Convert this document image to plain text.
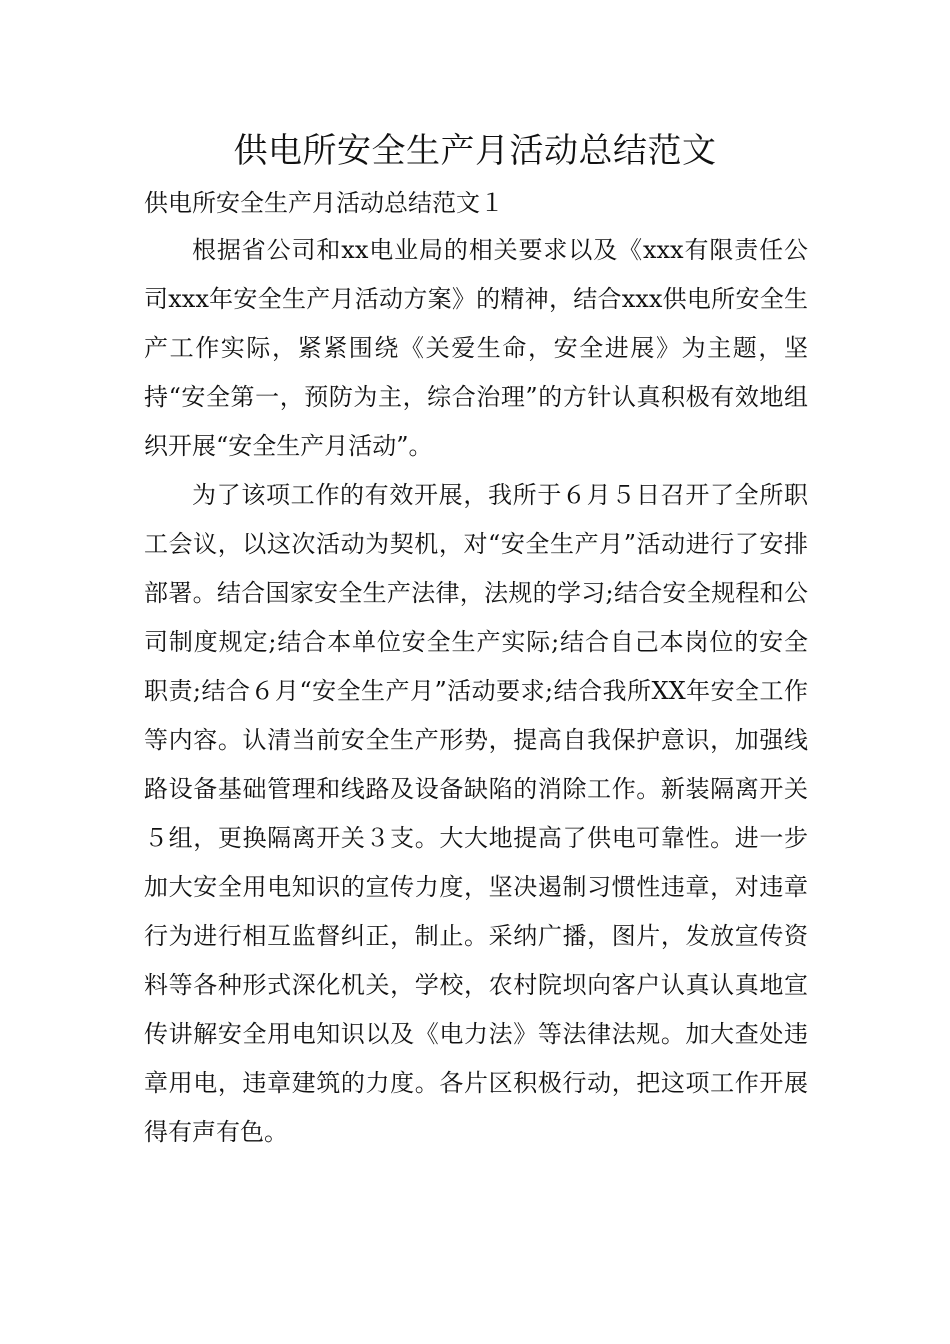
供电所安全生产月活动总结范文

供电所安全生产月活动总结范文１

根据省公司和xx电业局的相关要求以及《xxx有限责任公司xxx年安全生产月活动方案》的精神，结合xxx供电所安全生产工作实际，紧紧围绕《关爱生命，安全进展》为主题，坚持“安全第一，预防为主，综合治理”的方针认真积极有效地组织开展“安全生产月活动”。

为了该项工作的有效开展，我所于６月５日召开了全所职工会议，以这次活动为契机，对“安全生产月”活动进行了安排部署。结合国家安全生产法律，法规的学习;结合安全规程和公司制度规定;结合本单位安全生产实际;结合自己本岗位的安全职责;结合６月“安全生产月”活动要求;结合我所XX年安全工作等内容。认清当前安全生产形势，提高自我保护意识，加强线路设备基础管理和线路及设备缺陷的消除工作。新装隔离开关５组，更换隔离开关３支。大大地提高了供电可靠性。进一步加大安全用电知识的宣传力度，坚决遏制习惯性违章，对违章行为进行相互监督纠正，制止。采纳广播，图片，发放宣传资料等各种形式深化机关，学校，农村院坝向客户认真认真地宣传讲解安全用电知识以及《电力法》等法律法规。加大查处违章用电，违章建筑的力度。各片区积极行动，把这项工作开展得有声有色。
